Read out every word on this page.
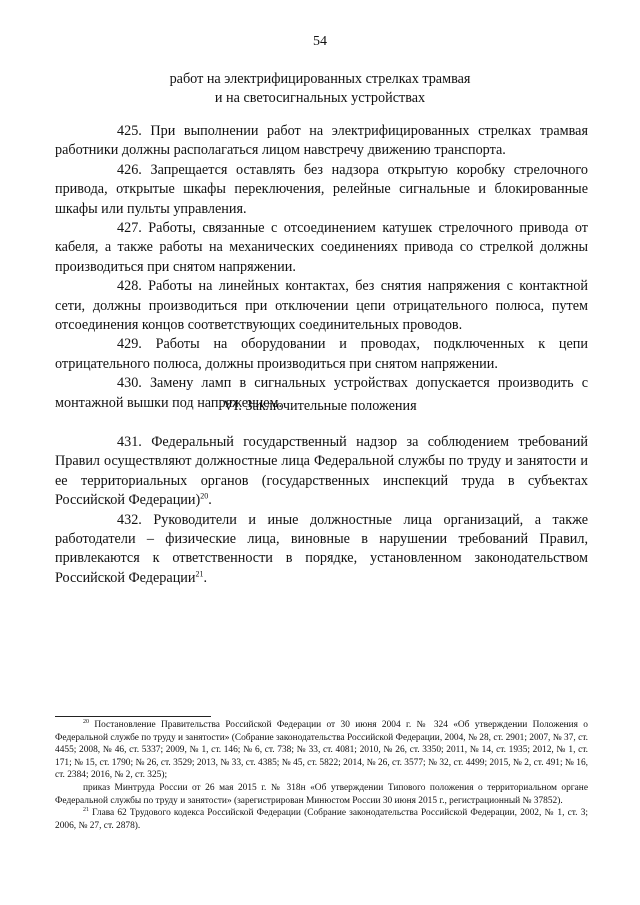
54
работ на электрифицированных стрелках трамвая
и на светосигнальных устройствах

425. При выполнении работ на электрифицированных стрелках трамвая работники должны располагаться лицом навстречу движению транспорта.

426. Запрещается оставлять без надзора открытую коробку стрелочного привода, открытые шкафы переключения, релейные сигнальные и блокированные шкафы или пульты управления.

427. Работы, связанные с отсоединением катушек стрелочного привода от кабеля, а также работы на механических соединениях привода со стрелкой должны производиться при снятом напряжении.

428. Работы на линейных контактах, без снятия напряжения с контактной сети, должны производиться при отключении цепи отрицательного полюса, путем отсоединения концов соответствующих соединительных проводов.

429. Работы на оборудовании и проводах, подключенных к цепи отрицательного полюса, должны производиться при снятом напряжении.

430. Замену ламп в сигнальных устройствах допускается производить с монтажной вышки под напряжением.

VI. Заключительные положения

431. Федеральный государственный надзор за соблюдением требований Правил осуществляют должностные лица Федеральной службы по труду и занятости и ее территориальных органов (государственных инспекций труда в субъектах Российской Федерации)$^{20}$.

432. Руководители и иные должностные лица организаций, а также работодатели – физические лица, виновные в нарушении требований Правил, привлекаются к ответственности в порядке, установленном законодательством Российской Федерации$^{21}$.

$^{20}$ Постановление Правительства Российской Федерации от 30 июня 2004 г. № 324 «Об утверждении Положения о Федеральной службе по труду и занятости» (Собрание законодательства Российской Федерации, 2004, № 28, ст. 2901; 2007, № 37, ст. 4455; 2008, № 46, ст. 5337; 2009, № 1, ст. 146; № 6, ст. 738; № 33, ст. 4081; 2010, № 26, ст. 3350; 2011, № 14, ст. 1935; 2012, № 1, ст. 171; № 15, ст. 1790; № 26, ст. 3529; 2013, № 33, ст. 4385; № 45, ст. 5822; 2014, № 26, ст. 3577; № 32, ст. 4499; 2015, № 2, ст. 491; № 16, ст. 2384; 2016, № 2, ст. 325);

приказ Минтруда России от 26 мая 2015 г. № 318н «Об утверждении Типового положения о территориальном органе Федеральной службы по труду и занятости» (зарегистрирован Минюстом России 30 июня 2015 г., регистрационный № 37852).

$^{21}$ Глава 62 Трудового кодекса Российской Федерации (Собрание законодательства Российской Федерации, 2002, № 1, ст. 3; 2006, № 27, ст. 2878).
